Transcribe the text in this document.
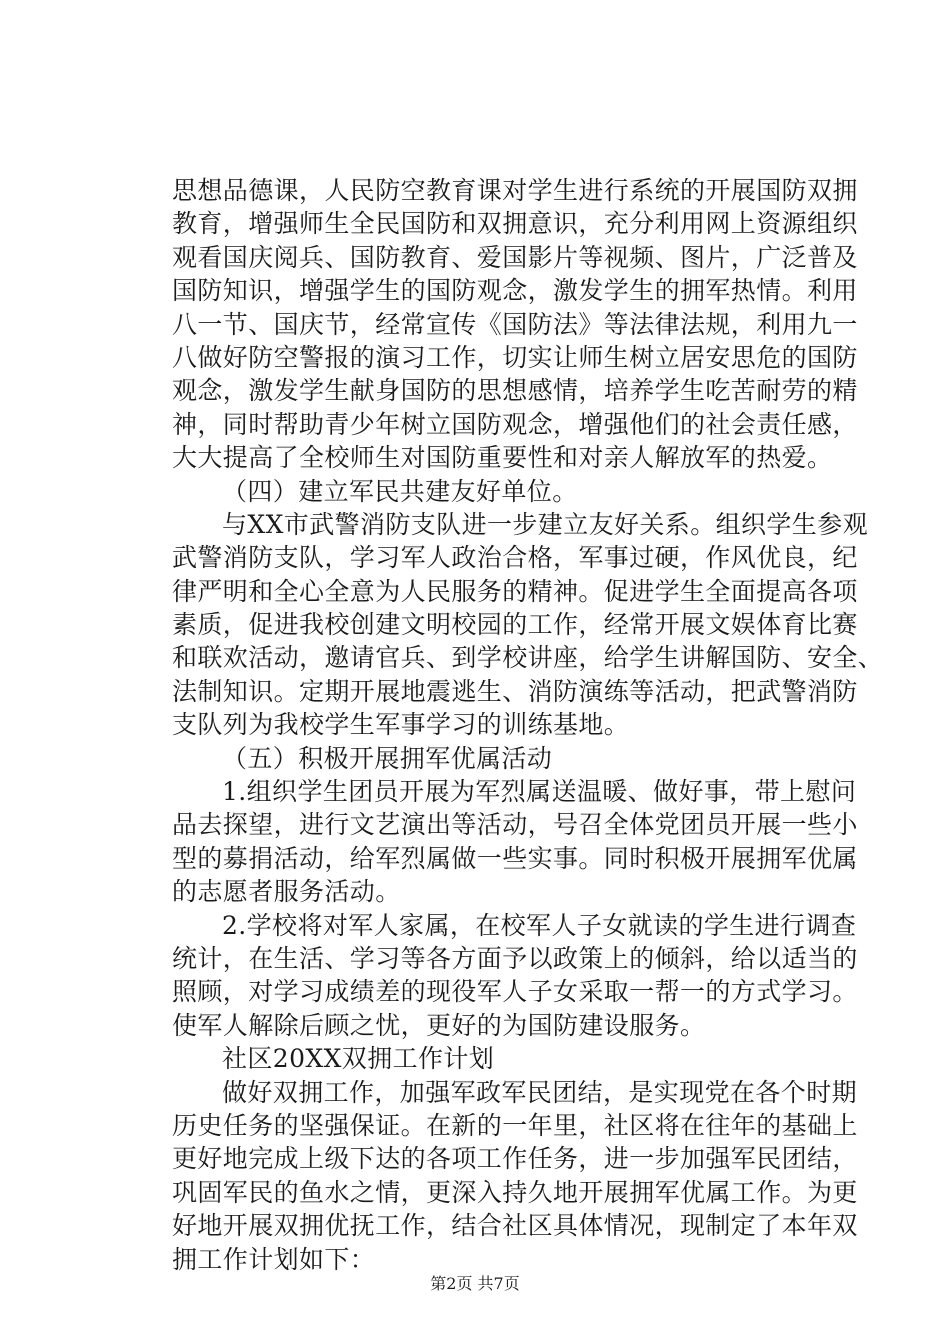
思想品德课，人民防空教育课对学生进行系统的开展国防双拥
教育，增强师生全民国防和双拥意识，充分利用网上资源组织
观看国庆阅兵、国防教育、爱国影片等视频、图片，广泛普及
国防知识，增强学生的国防观念，激发学生的拥军热情。利用
八一节、国庆节，经常宣传《国防法》等法律法规，利用九一
八做好防空警报的演习工作，切实让师生树立居安思危的国防
观念，激发学生献身国防的思想感情，培养学生吃苦耐劳的精
神，同时帮助青少年树立国防观念，增强他们的社会责任感，
大大提高了全校师生对国防重要性和对亲人解放军的热爱。
（四）建立军民共建友好单位。
与XX市武警消防支队进一步建立友好关系。组织学生参观
武警消防支队，学习军人政治合格，军事过硬，作风优良，纪
律严明和全心全意为人民服务的精神。促进学生全面提高各项
素质，促进我校创建文明校园的工作，经常开展文娱体育比赛
和联欢活动，邀请官兵、到学校讲座，给学生讲解国防、安全、
法制知识。定期开展地震逃生、消防演练等活动，把武警消防
支队列为我校学生军事学习的训练基地。
（五）积极开展拥军优属活动
1.组织学生团员开展为军烈属送温暖、做好事，带上慰问
品去探望，进行文艺演出等活动，号召全体党团员开展一些小
型的募捐活动，给军烈属做一些实事。同时积极开展拥军优属
的志愿者服务活动。
2.学校将对军人家属，在校军人子女就读的学生进行调查
统计，在生活、学习等各方面予以政策上的倾斜，给以适当的
照顾，对学习成绩差的现役军人子女采取一帮一的方式学习。
使军人解除后顾之忧，更好的为国防建设服务。
社区20XX双拥工作计划
做好双拥工作，加强军政军民团结，是实现党在各个时期
历史任务的坚强保证。在新的一年里，社区将在往年的基础上
更好地完成上级下达的各项工作任务，进一步加强军民团结，
巩固军民的鱼水之情，更深入持久地开展拥军优属工作。为更
好地开展双拥优抚工作，结合社区具体情况，现制定了本年双
拥工作计划如下：
第2页 共7页
